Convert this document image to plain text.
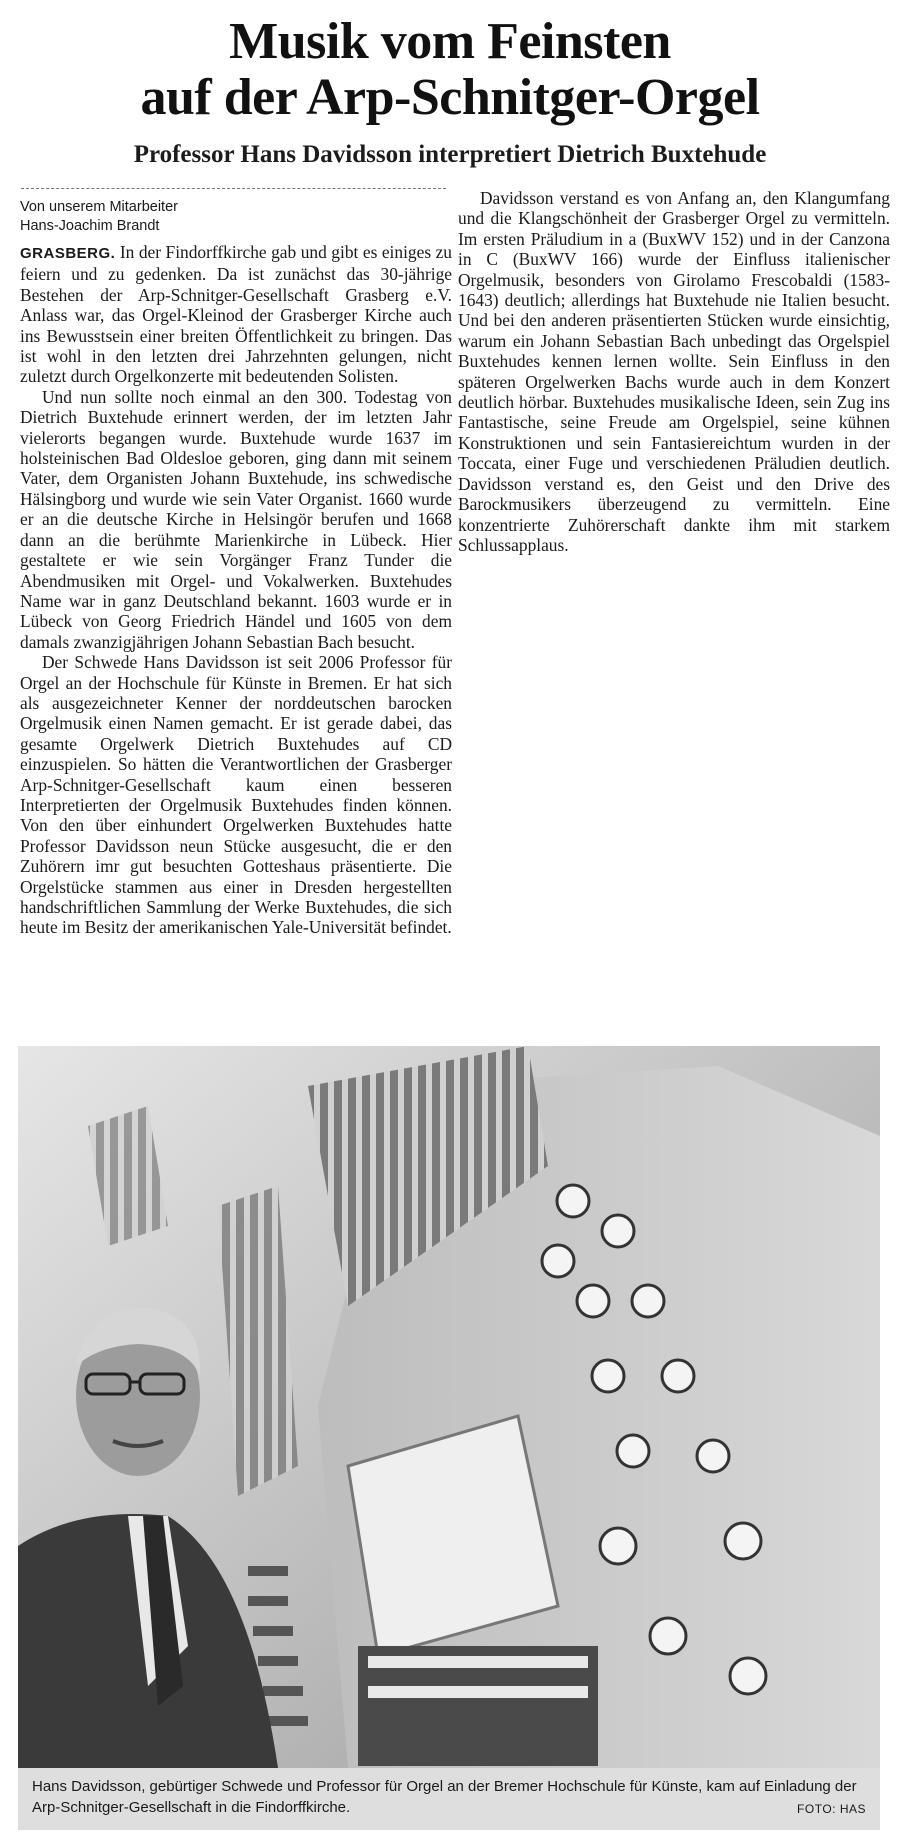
Musik vom Feinsten
auf der Arp-Schnitger-Orgel
Professor Hans Davidsson interpretiert Dietrich Buxtehude
Von unserem Mitarbeiter
Hans-Joachim Brandt

GRASBERG. In der Findorffkirche gab und gibt es einiges zu feiern und zu gedenken. Da ist zunächst das 30-jährige Bestehen der Arp-Schnitger-Gesellschaft Grasberg e.V. Anlass war, das Orgel-Kleinod der Grasberger Kirche auch ins Bewusstsein einer breiten Öffentlichkeit zu bringen. Das ist wohl in den letzten drei Jahrzehnten gelungen, nicht zuletzt durch Orgelkonzerte mit bedeutenden Solisten.

Und nun sollte noch einmal an den 300. Todestag von Dietrich Buxtehude erinnert werden, der im letzten Jahr vielerorts begangen wurde. Buxtehude wurde 1637 im holsteinischen Bad Oldesloe geboren, ging dann mit seinem Vater, dem Organisten Johann Buxtehude, ins schwedische Hälsingborg und wurde wie sein Vater Organist. 1660 wurde er an die deutsche Kirche in Helsingör berufen und 1668 dann an die berühmte Marienkirche in Lübeck. Hier gestaltete er wie sein Vorgänger Franz Tunder die Abendmusiken mit Orgel- und Vokalwerken. Buxtehudes Name war in ganz Deutschland bekannt. 1603 wurde er in Lübeck von Georg Friedrich Händel und 1605 von dem damals zwanzigjährigen Johann Sebastian Bach besucht.

Der Schwede Hans Davidsson ist seit 2006 Professor für Orgel an der Hochschule für Künste in Bremen. Er hat sich als ausgezeichneter Kenner der norddeutschen barocken Orgelmusik einen Namen gemacht. Er ist gerade dabei, das gesamte Orgelwerk Dietrich Buxtehudes auf CD einzuspielen. So hätten die Verantwortlichen der Grasberger Arp-Schnitger-Gesellschaft kaum einen besseren Interpretierten der Orgelmusik Buxtehudes finden können. Von den über einhundert Orgelwerken Buxtehudes hatte Professor Davidsson neun Stücke ausgesucht, die er den Zuhörern imr gut besuchten Gotteshaus präsentierte. Die Orgelstücke stammen aus einer in Dresden hergestellten handschriftlichen Sammlung der Werke Buxtehudes, die sich heute im Besitz der amerikanischen Yale-Universität befindet.

Davidsson verstand es von Anfang an, den Klangumfang und die Klangschönheit der Grasberger Orgel zu vermitteln. Im ersten Präludium in a (BuxWV 152) und in der Canzona in C (BuxWV 166) wurde der Einfluss italienischer Orgelmusik, besonders von Girolamo Frescobaldi (1583-1643) deutlich; allerdings hat Buxtehude nie Italien besucht. Und bei den anderen präsentierten Stücken wurde einsichtig, warum ein Johann Sebastian Bach unbedingt das Orgelspiel Buxtehudes kennen lernen wollte. Sein Einfluss in den späteren Orgelwerken Bachs wurde auch in dem Konzert deutlich hörbar. Buxtehudes musikalische Ideen, sein Zug ins Fantastische, seine Freude am Orgelspiel, seine kühnen Konstruktionen und sein Fantasiereichtum wurden in der Toccata, einer Fuge und verschiedenen Präludien deutlich. Davidsson verstand es, den Geist und den Drive des Barockmusikers überzeugend zu vermitteln. Eine konzentrierte Zuhörerschaft dankte ihm mit starkem Schlussapplaus.

Hans Davidsson, gebürtiger Schwede und Professor für Orgel an der Bremer Hochschule für Künste, kam auf Einladung der Arp-Schnitger-Gesellschaft in die Findorffkirche.	FOTO: HAS
